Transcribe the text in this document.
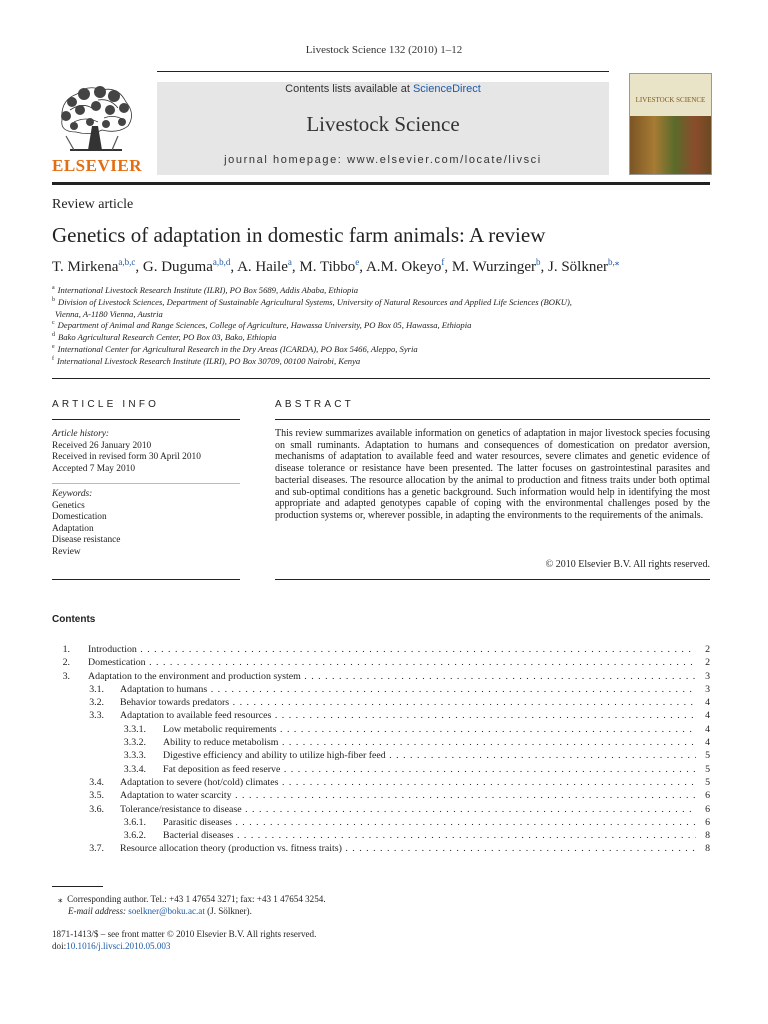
Livestock Science 132 (2010) 1–12
ELSEVIER
Contents lists available at ScienceDirect
Livestock Science
journal homepage: www.elsevier.com/locate/livsci
LIVESTOCK SCIENCE
Review article
Genetics of adaptation in domestic farm animals: A review
T. Mirkena$^{a,b,c}$, G. Duguma$^{a,b,d}$, A. Haile$^a$, M. Tibbo$^e$, A.M. Okeyo$^f$, M. Wurzinger$^b$, J. Sölkner$^{b,⁎}$
$^a$ International Livestock Research Institute (ILRI), PO Box 5689, Addis Ababa, Ethiopia
$^b$ Division of Livestock Sciences, Department of Sustainable Agricultural Systems, University of Natural Resources and Applied Life Sciences (BOKU),
Vienna, A-1180 Vienna, Austria
$^c$ Department of Animal and Range Sciences, College of Agriculture, Hawassa University, PO Box 05, Hawassa, Ethiopia
$^d$ Bako Agricultural Research Center, PO Box 03, Bako, Ethiopia
$^e$ International Center for Agricultural Research in the Dry Areas (ICARDA), PO Box 5466, Aleppo, Syria
$^f$ International Livestock Research Institute (ILRI), PO Box 30709, 00100 Nairobi, Kenya
ARTICLE INFO
Article history:
Received 26 January 2010
Received in revised form 30 April 2010
Accepted 7 May 2010
Keywords:
Genetics
Domestication
Adaptation
Disease resistance
Review
ABSTRACT
This review summarizes available information on genetics of adaptation in major livestock species focusing on small ruminants. Adaptation to humans and consequences of domestication on predator aversion, mechanisms of adaptation to available feed and water resources, severe climates and genetic evidence of disease tolerance or resistance have been presented. The latter focuses on gastrointestinal parasites and bacterial diseases. The resource allocation by the animal to production and fitness traits under both optimal and sub-optimal conditions has a genetic background. Such information would help in identifying the most appropriate and adapted genotypes capable of coping with the environmental challenges posed by the production systems or, wherever possible, in adapting the environments to the requirements of the animals.
© 2010 Elsevier B.V. All rights reserved.
Contents
1. Introduction . . .	2
2. Domestication . . .	2
3. Adaptation to the environment and production system . . .	3
3.1. Adaptation to humans . . .	3
3.2. Behavior towards predators . . .	4
3.3. Adaptation to available feed resources . . .	4
3.3.1. Low metabolic requirements . . .	4
3.3.2. Ability to reduce metabolism . . .	4
3.3.3. Digestive efficiency and ability to utilize high-fiber feed . . .	5
3.3.4. Fat deposition as feed reserve . . .	5
3.4. Adaptation to severe (hot/cold) climates . . .	5
3.5. Adaptation to water scarcity . . .	6
3.6. Tolerance/resistance to disease . . .	6
3.6.1. Parasitic diseases . . .	6
3.6.2. Bacterial diseases . . .	8
3.7. Resource allocation theory (production vs. fitness traits) . . .	8
⁎ Corresponding author. Tel.: +43 1 47654 3271; fax: +43 1 47654 3254.
E-mail address: soelkner@boku.ac.at (J. Sölkner).
1871-1413/$ – see front matter © 2010 Elsevier B.V. All rights reserved.
doi:10.1016/j.livsci.2010.05.003
